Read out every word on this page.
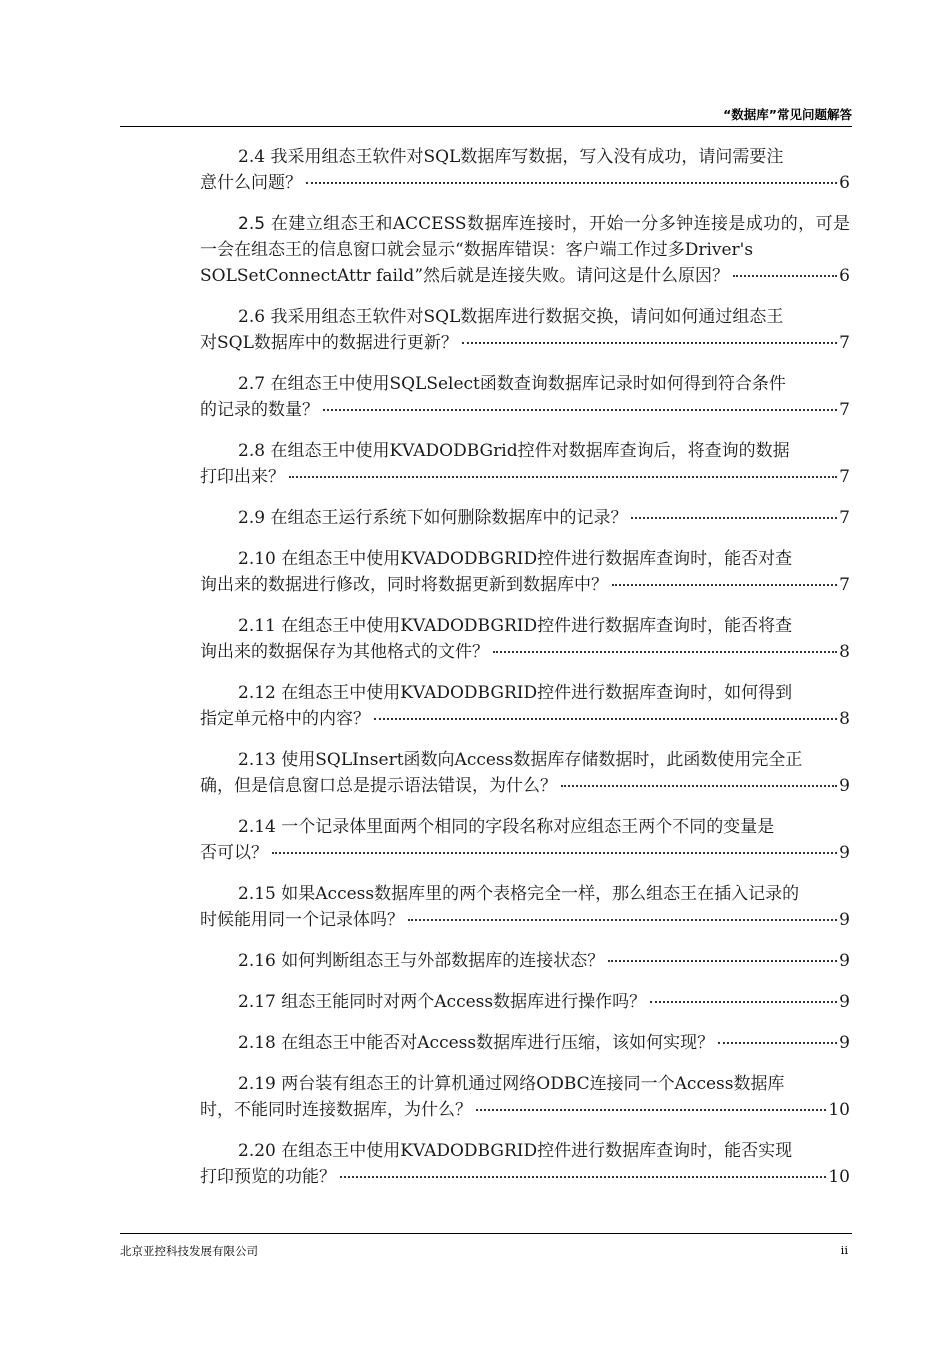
“数据库”常见问题解答
2.4 我采用组态王软件对SQL数据库写数据，写入没有成功，请问需要注
意什么问题？	6
2.5 在建立组态王和ACCESS数据库连接时，开始一分多钟连接是成功的，可是一会在组态王的信息窗口就会显示“数据库错误：客户端工作过多Driver's
SOLSetConnectAttr faild”然后就是连接失败。请问这是什么原因？	6
2.6 我采用组态王软件对SQL数据库进行数据交换，请问如何通过组态王
对SQL数据库中的数据进行更新？	7
2.7 在组态王中使用SQLSelect函数查询数据库记录时如何得到符合条件
的记录的数量？	7
2.8 在组态王中使用KVADODBGrid控件对数据库查询后，将查询的数据
打印出来？	7
2.9
在组态王运行系统下如何删除数据库中的记录？	7
2.10 在组态王中使用KVADODBGRID控件进行数据库查询时，能否对查
询出来的数据进行修改，同时将数据更新到数据库中？	7
2.11 在组态王中使用KVADODBGRID控件进行数据库查询时，能否将查
询出来的数据保存为其他格式的文件？	8
2.12 在组态王中使用KVADODBGRID控件进行数据库查询时，如何得到
指定单元格中的内容？	8
2.13 使用SQLInsert函数向Access数据库存储数据时，此函数使用完全正
确，但是信息窗口总是提示语法错误，为什么？	9
2.14 一个记录体里面两个相同的字段名称对应组态王两个不同的变量是
否可以？	9
2.15 如果Access数据库里的两个表格完全一样，那么组态王在插入记录的
时候能用同一个记录体吗？	9
2.16
如何判断组态王与外部数据库的连接状态？	9
2.17
组态王能同时对两个Access数据库进行操作吗？	9
2.18
在组态王中能否对Access数据库进行压缩，该如何实现？	9
2.19 两台装有组态王的计算机通过网络ODBC连接同一个Access数据库
时，不能同时连接数据库，为什么？	10
2.20 在组态王中使用KVADODBGRID控件进行数据库查询时，能否实现
打印预览的功能？	10
北京亚控科技发展有限公司	ii
